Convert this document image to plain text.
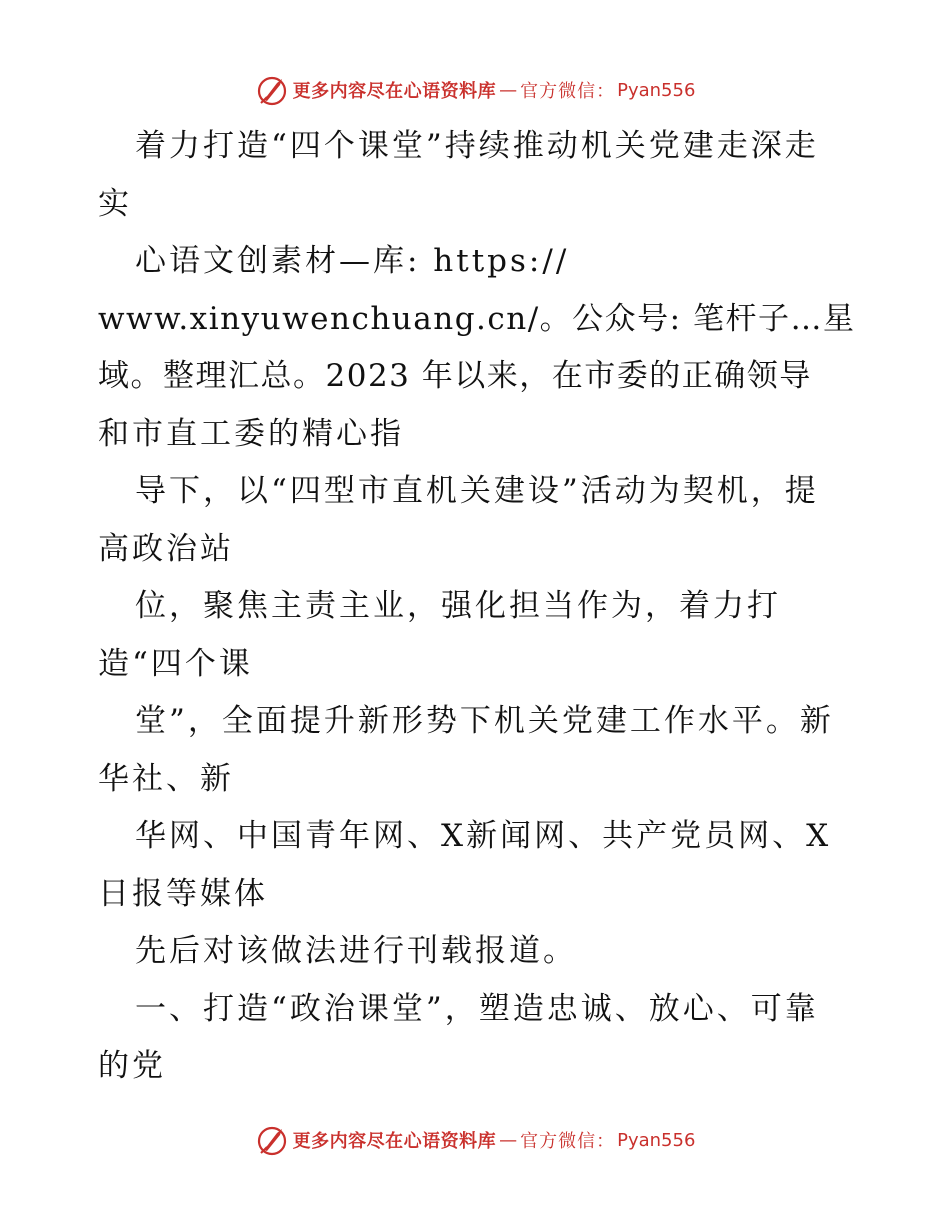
更多内容尽在心语资料库 — 官方微信： Pyan556
着力打造“四个课堂”持续推动机关党建走深走
实
心语文创素材—库: https://
www.xinyuwenchuang.cn/。公众号: 笔杆子…星
域。整理汇总。2023 年以来，在市委的正确领导
和市直工委的精心指
导下，以“四型市直机关建设”活动为契机，提
高政治站
位，聚焦主责主业，强化担当作为，着力打
造“四个课
堂”，全面提升新形势下机关党建工作水平。新
华社、新
华网、中国青年网、X新闻网、共产党员网、X
日报等媒体
先后对该做法进行刊载报道。
一、打造“政治课堂”，塑造忠诚、放心、可靠
的党
更多内容尽在心语资料库 — 官方微信： Pyan556
